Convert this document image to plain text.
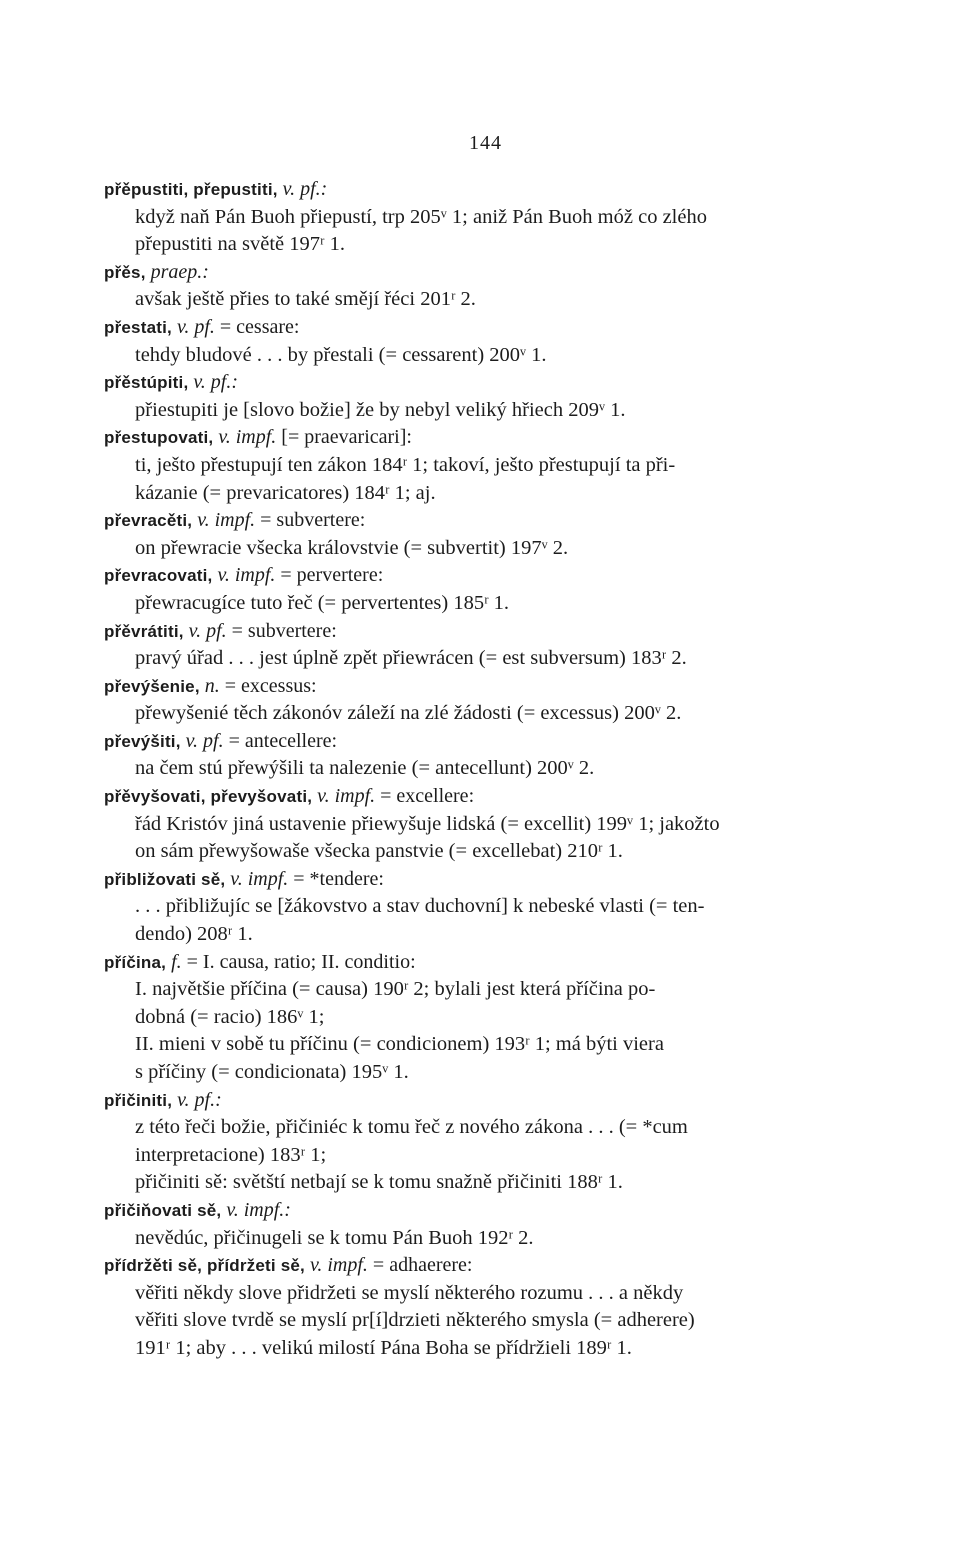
144
přěpustiti, přepustiti, v. pf.:
když naň Pán Buoh přiepustí, trp 205ᵛ 1; aniž Pán Buoh móž co zlého
přepustiti na světě 197ʳ 1.
přěs, praep.:
avšak ještě přies to také smějí řéci 201ʳ 2.
přestati, v. pf. = cessare:
tehdy bludové . . . by přestali (= cessarent) 200ᵛ 1.
přěstúpiti, v. pf.:
přiestupiti je [slovo božie] že by nebyl veliký hřiech 209ᵛ 1.
přestupovati, v. impf. [= praevaricari]:
ti, ješto přestupují ten zákon 184ʳ 1; takoví, ješto přestupují ta při-
kázanie (= prevaricatores) 184ʳ 1; aj.
převracěti, v. impf. = subvertere:
on přewracie všecka královstvie (= subvertit) 197ᵛ 2.
převracovati, v. impf. = pervertere:
přewracugíce tuto řeč (= pervertentes) 185ʳ 1.
přěvrátiti, v. pf. = subvertere:
pravý úřad . . . jest úplně zpět přiewrácen (= est subversum) 183ʳ 2.
převýšenie, n. = excessus:
přewyšenié těch zákonóv záleží na zlé žádosti (= excessus) 200ᵛ 2.
převýšiti, v. pf. = antecellere:
na čem stú přewýšili ta nalezenie (= antecellunt) 200ᵛ 2.
přěvyšovati, převyšovati, v. impf. = excellere:
řád Kristóv jiná ustavenie přiewyšuje lidská (= excellit) 199ᵛ 1; jakožto
on sám přewyšowaše všecka panstvie (= excellebat) 210ʳ 1.
přibližovati sě, v. impf. = *tendere:
. . . přibližujíc se [žákovstvo a stav duchovní] k nebeské vlasti (= ten-
dendo) 208ʳ 1.
příčina, f. = I. causa, ratio; II. conditio:
I. najvětšie příčina (= causa) 190ʳ 2; bylali jest která příčina po-
dobná (= racio) 186ᵛ 1;
II. mieni v sobě tu příčinu (= condicionem) 193ʳ 1; má býti viera
s příčiny (= condicionata) 195ᵛ 1.
přičiniti, v. pf.:
z této řeči božie, přičiniéc k tomu řeč z nového zákona . . . (= *cum
interpretacione) 183ʳ 1;
přičiniti sě: světští netbají se k tomu snažně přičiniti 188ʳ 1.
přičiňovati sě, v. impf.:
nevědúc, přičinugeli se k tomu Pán Buoh 192ʳ 2.
přídržěti sě, přídržeti sě, v. impf. = adhaerere:
věřiti někdy slove přidržeti se myslí některého rozumu . . . a někdy
věřiti slove tvrdě se myslí pr[í]drzieti některého smysla (= adherere)
191ʳ 1; aby . . . velikú milostí Pána Boha se přídržieli 189ʳ 1.
